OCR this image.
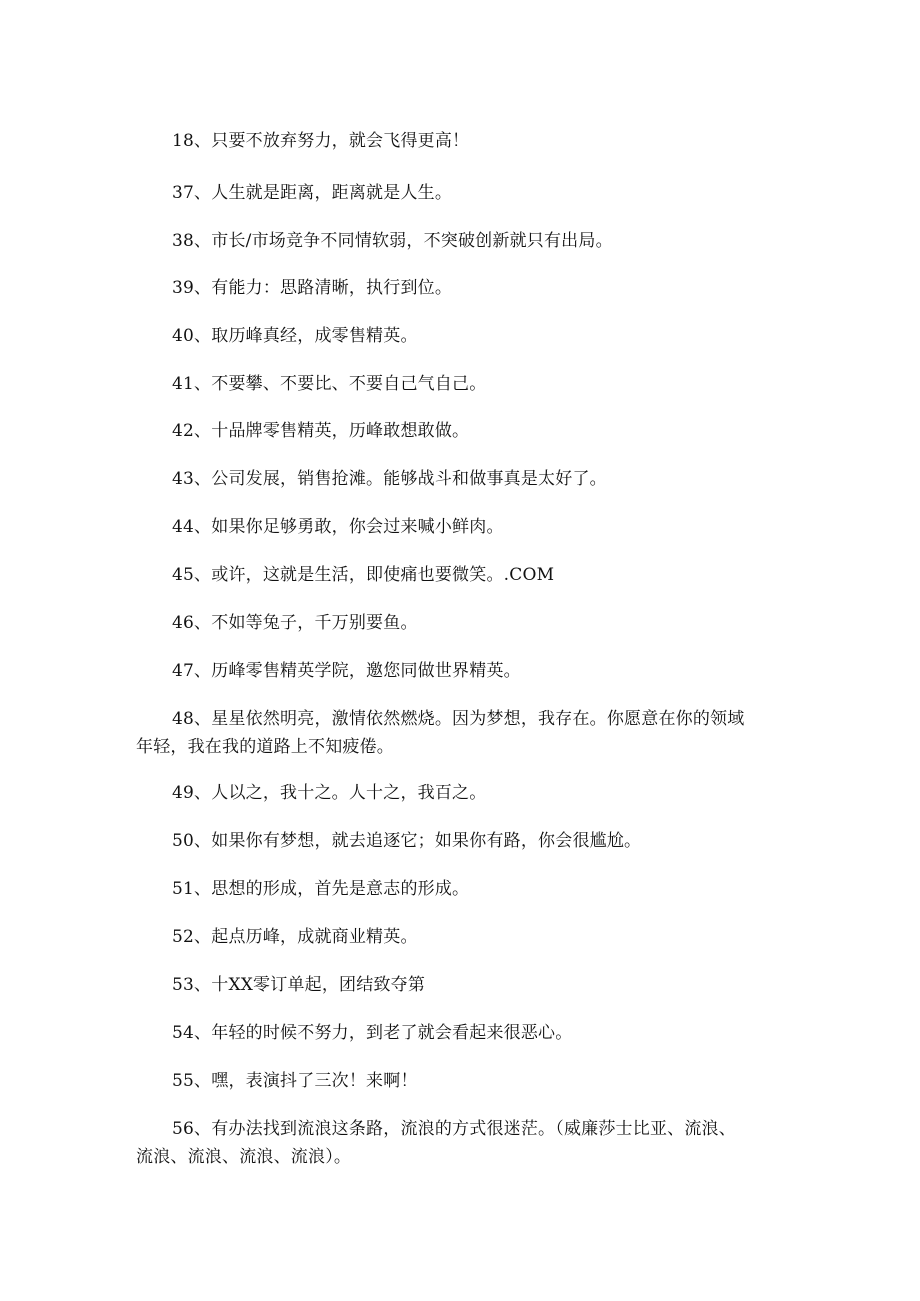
18、只要不放弃努力，就会飞得更高！

37、人生就是距离，距离就是人生。

38、市长/市场竞争不同情软弱，不突破创新就只有出局。

39、有能力：思路清晰，执行到位。

40、取历峰真经，成零售精英。

41、不要攀、不要比、不要自己气自己。

42、十品牌零售精英，历峰敢想敢做。

43、公司发展，销售抢滩。能够战斗和做事真是太好了。

44、如果你足够勇敢，你会过来喊小鲜肉。

45、或许，这就是生活，即使痛也要微笑。.COM

46、不如等兔子，千万别要鱼。

47、历峰零售精英学院，邀您同做世界精英。

48、星星依然明亮，激情依然燃烧。因为梦想，我存在。你愿意在你的领域年轻，我在我的道路上不知疲倦。

49、人以之，我十之。人十之，我百之。

50、如果你有梦想，就去追逐它；如果你有路，你会很尴尬。

51、思想的形成，首先是意志的形成。

52、起点历峰，成就商业精英。

53、十XX零订单起，团结致夺第

54、年轻的时候不努力，到老了就会看起来很恶心。

55、嘿，表演抖了三次！来啊！

56、有办法找到流浪这条路，流浪的方式很迷茫。（威廉莎士比亚、流浪、流浪、流浪、流浪、流浪）。
